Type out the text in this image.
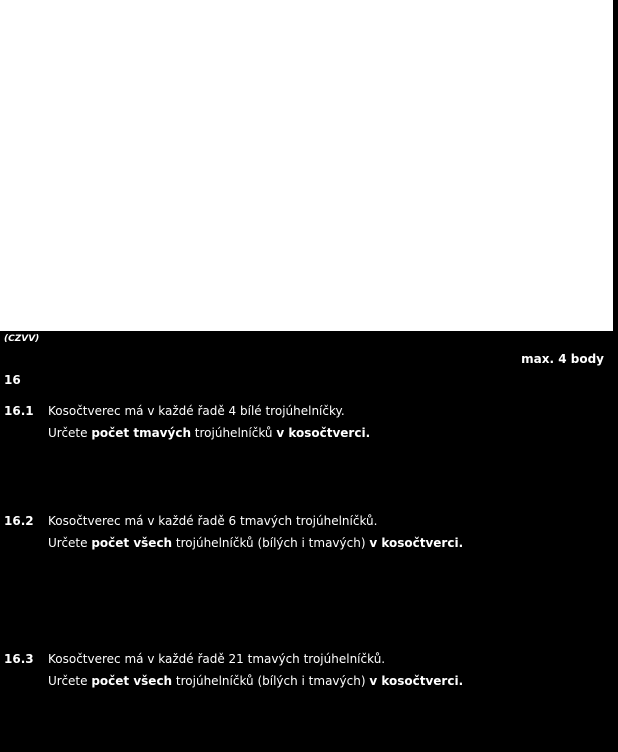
(CZVV)
max. 4 body
16
16.1 Kosočtverec má v každé řadě 4 bílé trojúhelníčky.
Určete počet tmavých trojúhelníčků v kosočtverci.
16.2 Kosočtverec má v každé řadě 6 tmavých trojúhelníčků.
Určete počet všech trojúhelníčků (bílých i tmavých) v kosočtverci.
16.3 Kosočtverec má v každé řadě 21 tmavých trojúhelníčků.
Určete počet všech trojúhelníčků (bílých i tmavých) v kosočtverci.
